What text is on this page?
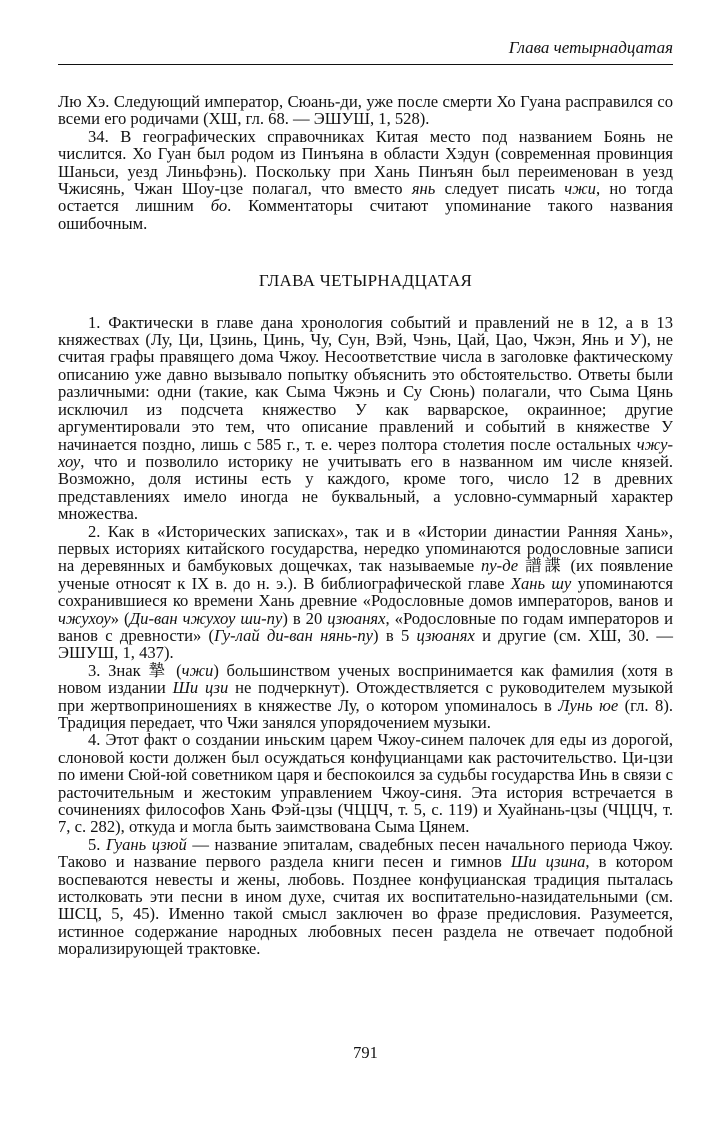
Глава четырнадцатая

Лю Хэ. Следующий император, Сюань-ди, уже после смерти Хо Гуана расправился со всеми его родичами (ХШ, гл. 68. — ЭШУШ, 1, 528).

34. В географических справочниках Китая место под названием Боянь не числится. Хо Гуан был родом из Пинъяна в области Хэдун (современная провинция Шаньси, уезд Линьфэнь). Поскольку при Хань Пинъян был переименован в уезд Чжисянь, Чжан Шоу-цзе полагал, что вместо янь следует писать чжи, но тогда остается лишним бо. Комментаторы считают упоминание такого названия ошибочным.

ГЛАВА ЧЕТЫРНАДЦАТАЯ

1. Фактически в главе дана хронология событий и правлений не в 12, а в 13 княжествах (Лу, Ци, Цзинь, Цинь, Чу, Сун, Вэй, Чэнь, Цай, Цао, Чжэн, Янь и У), не считая графы правящего дома Чжоу. Несоответствие числа в заголовке фактическому описанию уже давно вызывало попытку объяснить это обстоятельство. Ответы были различными: одни (такие, как Сыма Чжэнь и Су Сюнь) полагали, что Сыма Цянь исключил из подсчета княжество У как варварское, окраинное; другие аргументировали это тем, что описание правлений и событий в княжестве У начинается поздно, лишь с 585 г., т. е. через полтора столетия после остальных чжу-хоу, что и позволило историку не учитывать его в названном им числе князей. Возможно, доля истины есть у каждого, кроме того, число 12 в древних представлениях имело иногда не буквальный, а условно-суммарный характер множества.

2. Как в «Исторических записках», так и в «Истории династии Ранняя Хань», первых историях китайского государства, нередко упоминаются родословные записи на деревянных и бамбуковых дощечках, так называемые пу-де 譜諜 (их появление ученые относят к IX в. до н. э.). В библиографической главе Хань шу упоминаются сохранившиеся ко времени Хань древние «Родословные домов императоров, ванов и чжухоу» (Ди-ван чжухоу ши-пу) в 20 цзюанях, «Родословные по годам императоров и ванов с древности» (Гу-лай ди-ван нянь-пу) в 5 цзюанях и другие (см. ХШ, 30. — ЭШУШ, 1, 437).

3. Знак 摯 (чжи) большинством ученых воспринимается как фамилия (хотя в новом издании Ши цзи не подчеркнут). Отождествляется с руководителем музыкой при жертвоприношениях в княжестве Лу, о котором упоминалось в Лунь юе (гл. 8). Традиция передает, что Чжи занялся упорядочением музыки.

4. Этот факт о создании иньским царем Чжоу-синем палочек для еды из дорогой, слоновой кости должен был осуждаться конфуцианцами как расточительство. Ци-цзи по имени Сюй-юй советником царя и беспокоился за судьбы государства Инь в связи с расточительным и жестоким управлением Чжоу-синя. Эта история встречается в сочинениях философов Хань Фэй-цзы (ЧЦЦЧ, т. 5, с. 119) и Хуайнань-цзы (ЧЦЦЧ, т. 7, с. 282), откуда и могла быть заимствована Сыма Цянем.

5. Гуань цзюй — название эпиталам, свадебных песен начального периода Чжоу. Таково и название первого раздела книги песен и гимнов Ши цзина, в котором воспеваются невесты и жены, любовь. Позднее конфуцианская традиция пыталась истолковать эти песни в ином духе, считая их воспитательно-назидательными (см. ШСЦ, 5, 45). Именно такой смысл заключен во фразе предисловия. Разумеется, истинное содержание народных любовных песен раздела не отвечает подобной морализирующей трактовке.

791
